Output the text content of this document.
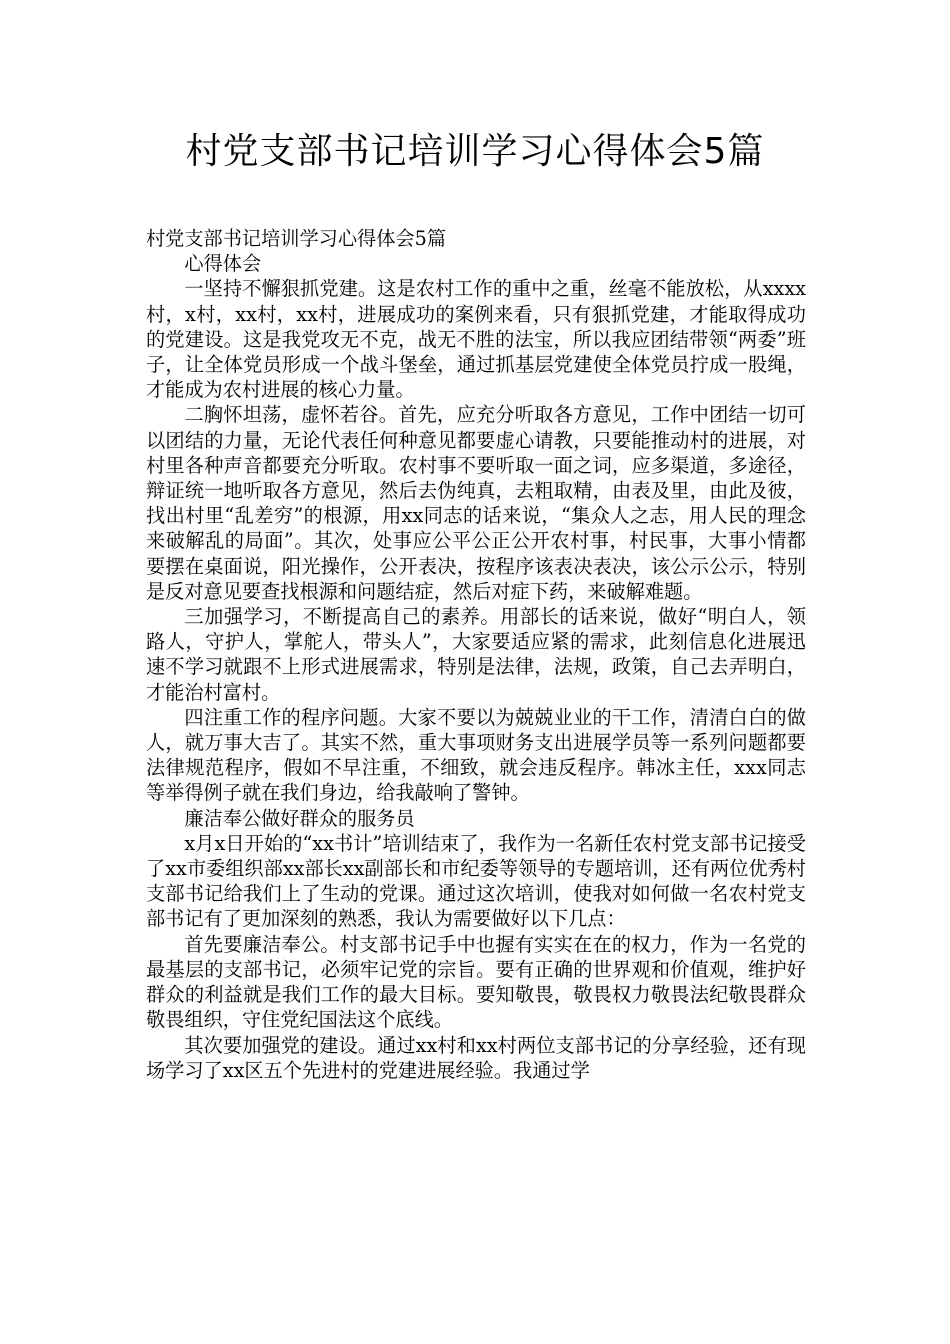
村党支部书记培训学习心得体会5篇

村党支部书记培训学习心得体会5篇

心得体会

一坚持不懈狠抓党建。这是农村工作的重中之重，丝毫不能放松，从xxxx村，x村，xx村，xx村，进展成功的案例来看，只有狠抓党建，才能取得成功的党建设。这是我党攻无不克，战无不胜的法宝，所以我应团结带领“两委”班子，让全体党员形成一个战斗堡垒，通过抓基层党建使全体党员拧成一股绳，才能成为农村进展的核心力量。

二胸怀坦荡，虚怀若谷。首先，应充分听取各方意见，工作中团结一切可以团结的力量，无论代表任何种意见都要虚心请教，只要能推动村的进展，对村里各种声音都要充分听取。农村事不要听取一面之词，应多渠道，多途径，辩证统一地听取各方意见，然后去伪纯真，去粗取精，由表及里，由此及彼，找出村里“乱差穷”的根源，用xx同志的话来说，“集众人之志，用人民的理念来破解乱的局面”。其次，处事应公平公正公开农村事，村民事，大事小情都要摆在桌面说，阳光操作，公开表决，按程序该表决表决，该公示公示，特别是反对意见要查找根源和问题结症，然后对症下药，来破解难题。

三加强学习，不断提高自己的素养。用部长的话来说，做好“明白人，领路人，守护人，掌舵人，带头人”，大家要适应紧的需求，此刻信息化进展迅速不学习就跟不上形式进展需求，特别是法律，法规，政策，自己去弄明白，才能治村富村。

四注重工作的程序问题。大家不要以为兢兢业业的干工作，清清白白的做人，就万事大吉了。其实不然，重大事项财务支出进展学员等一系列问题都要法律规范程序，假如不早注重，不细致，就会违反程序。韩冰主任，xxx同志等举得例子就在我们身边，给我敲响了警钟。

廉洁奉公做好群众的服务员

x月x日开始的“xx书计”培训结束了，我作为一名新任农村党支部书记接受了xx市委组织部xx部长xx副部长和市纪委等领导的专题培训，还有两位优秀村支部书记给我们上了生动的党课。通过这次培训，使我对如何做一名农村党支部书记有了更加深刻的熟悉，我认为需要做好以下几点：

首先要廉洁奉公。村支部书记手中也握有实实在在的权力，作为一名党的最基层的支部书记，必须牢记党的宗旨。要有正确的世界观和价值观，维护好群众的利益就是我们工作的最大目标。要知敬畏，敬畏权力敬畏法纪敬畏群众敬畏组织，守住党纪国法这个底线。

其次要加强党的建设。通过xx村和xx村两位支部书记的分享经验，还有现场学习了xx区五个先进村的党建进展经验。我通过学
